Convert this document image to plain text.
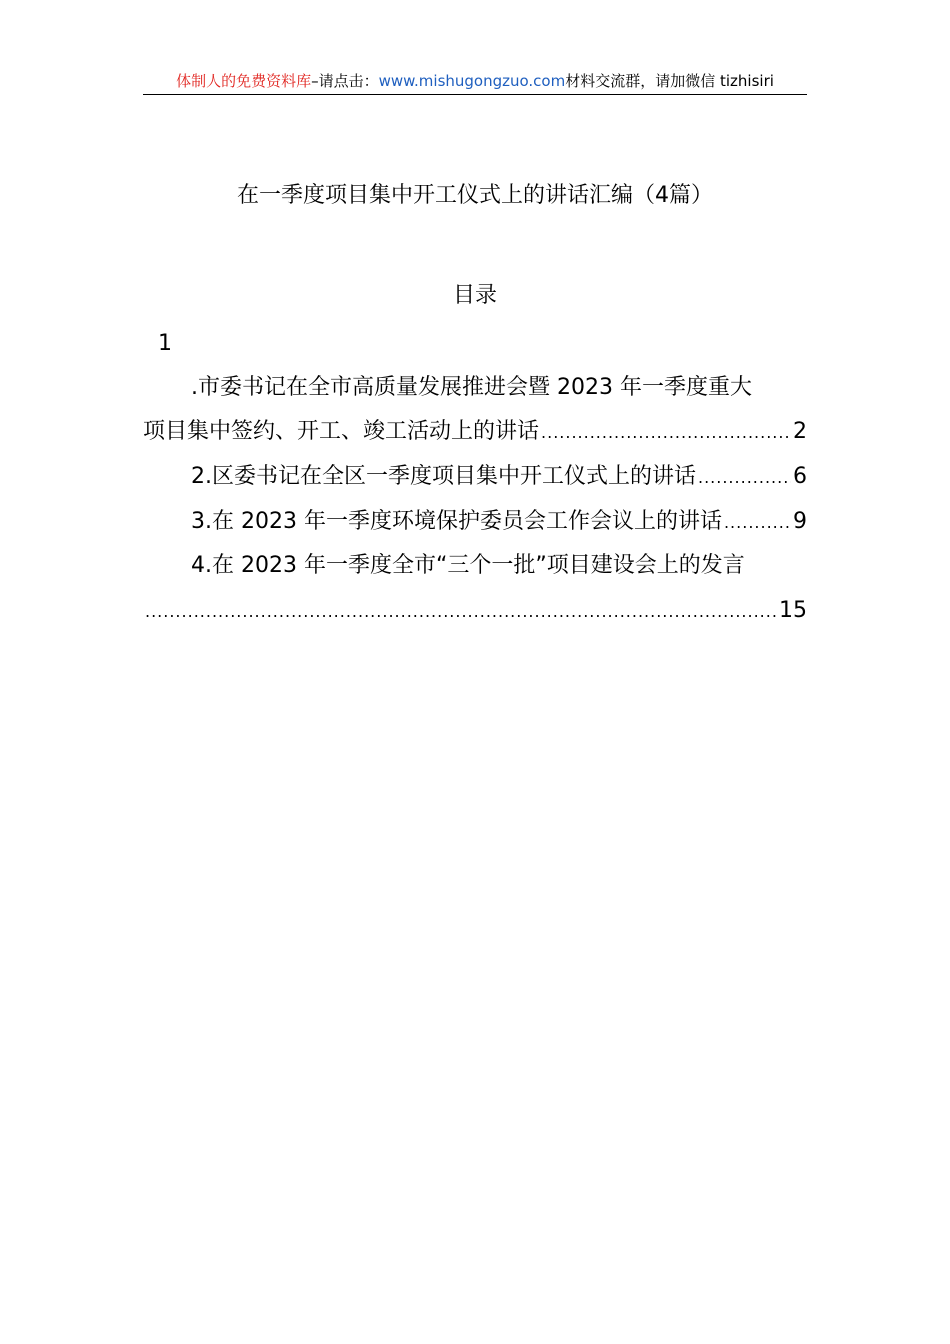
体制人的免费资料库–请点击：www.mishugongzuo.com材料交流群，请加微信 tizhisiri
在一季度项目集中开工仪式上的讲话汇编（4篇）
目录
1
.市委书记在全市高质量发展推进会暨 2023 年一季度重大
项目集中签约、开工、竣工活动上的讲话 .....	2
2.区委书记在全区一季度项目集中开工仪式上的讲话 .....	6
3.在 2023 年一季度环境保护委员会工作会议上的讲话 .....	9
4.在 2023 年一季度全市“三个一批”项目建设会上的发言
.....
15
